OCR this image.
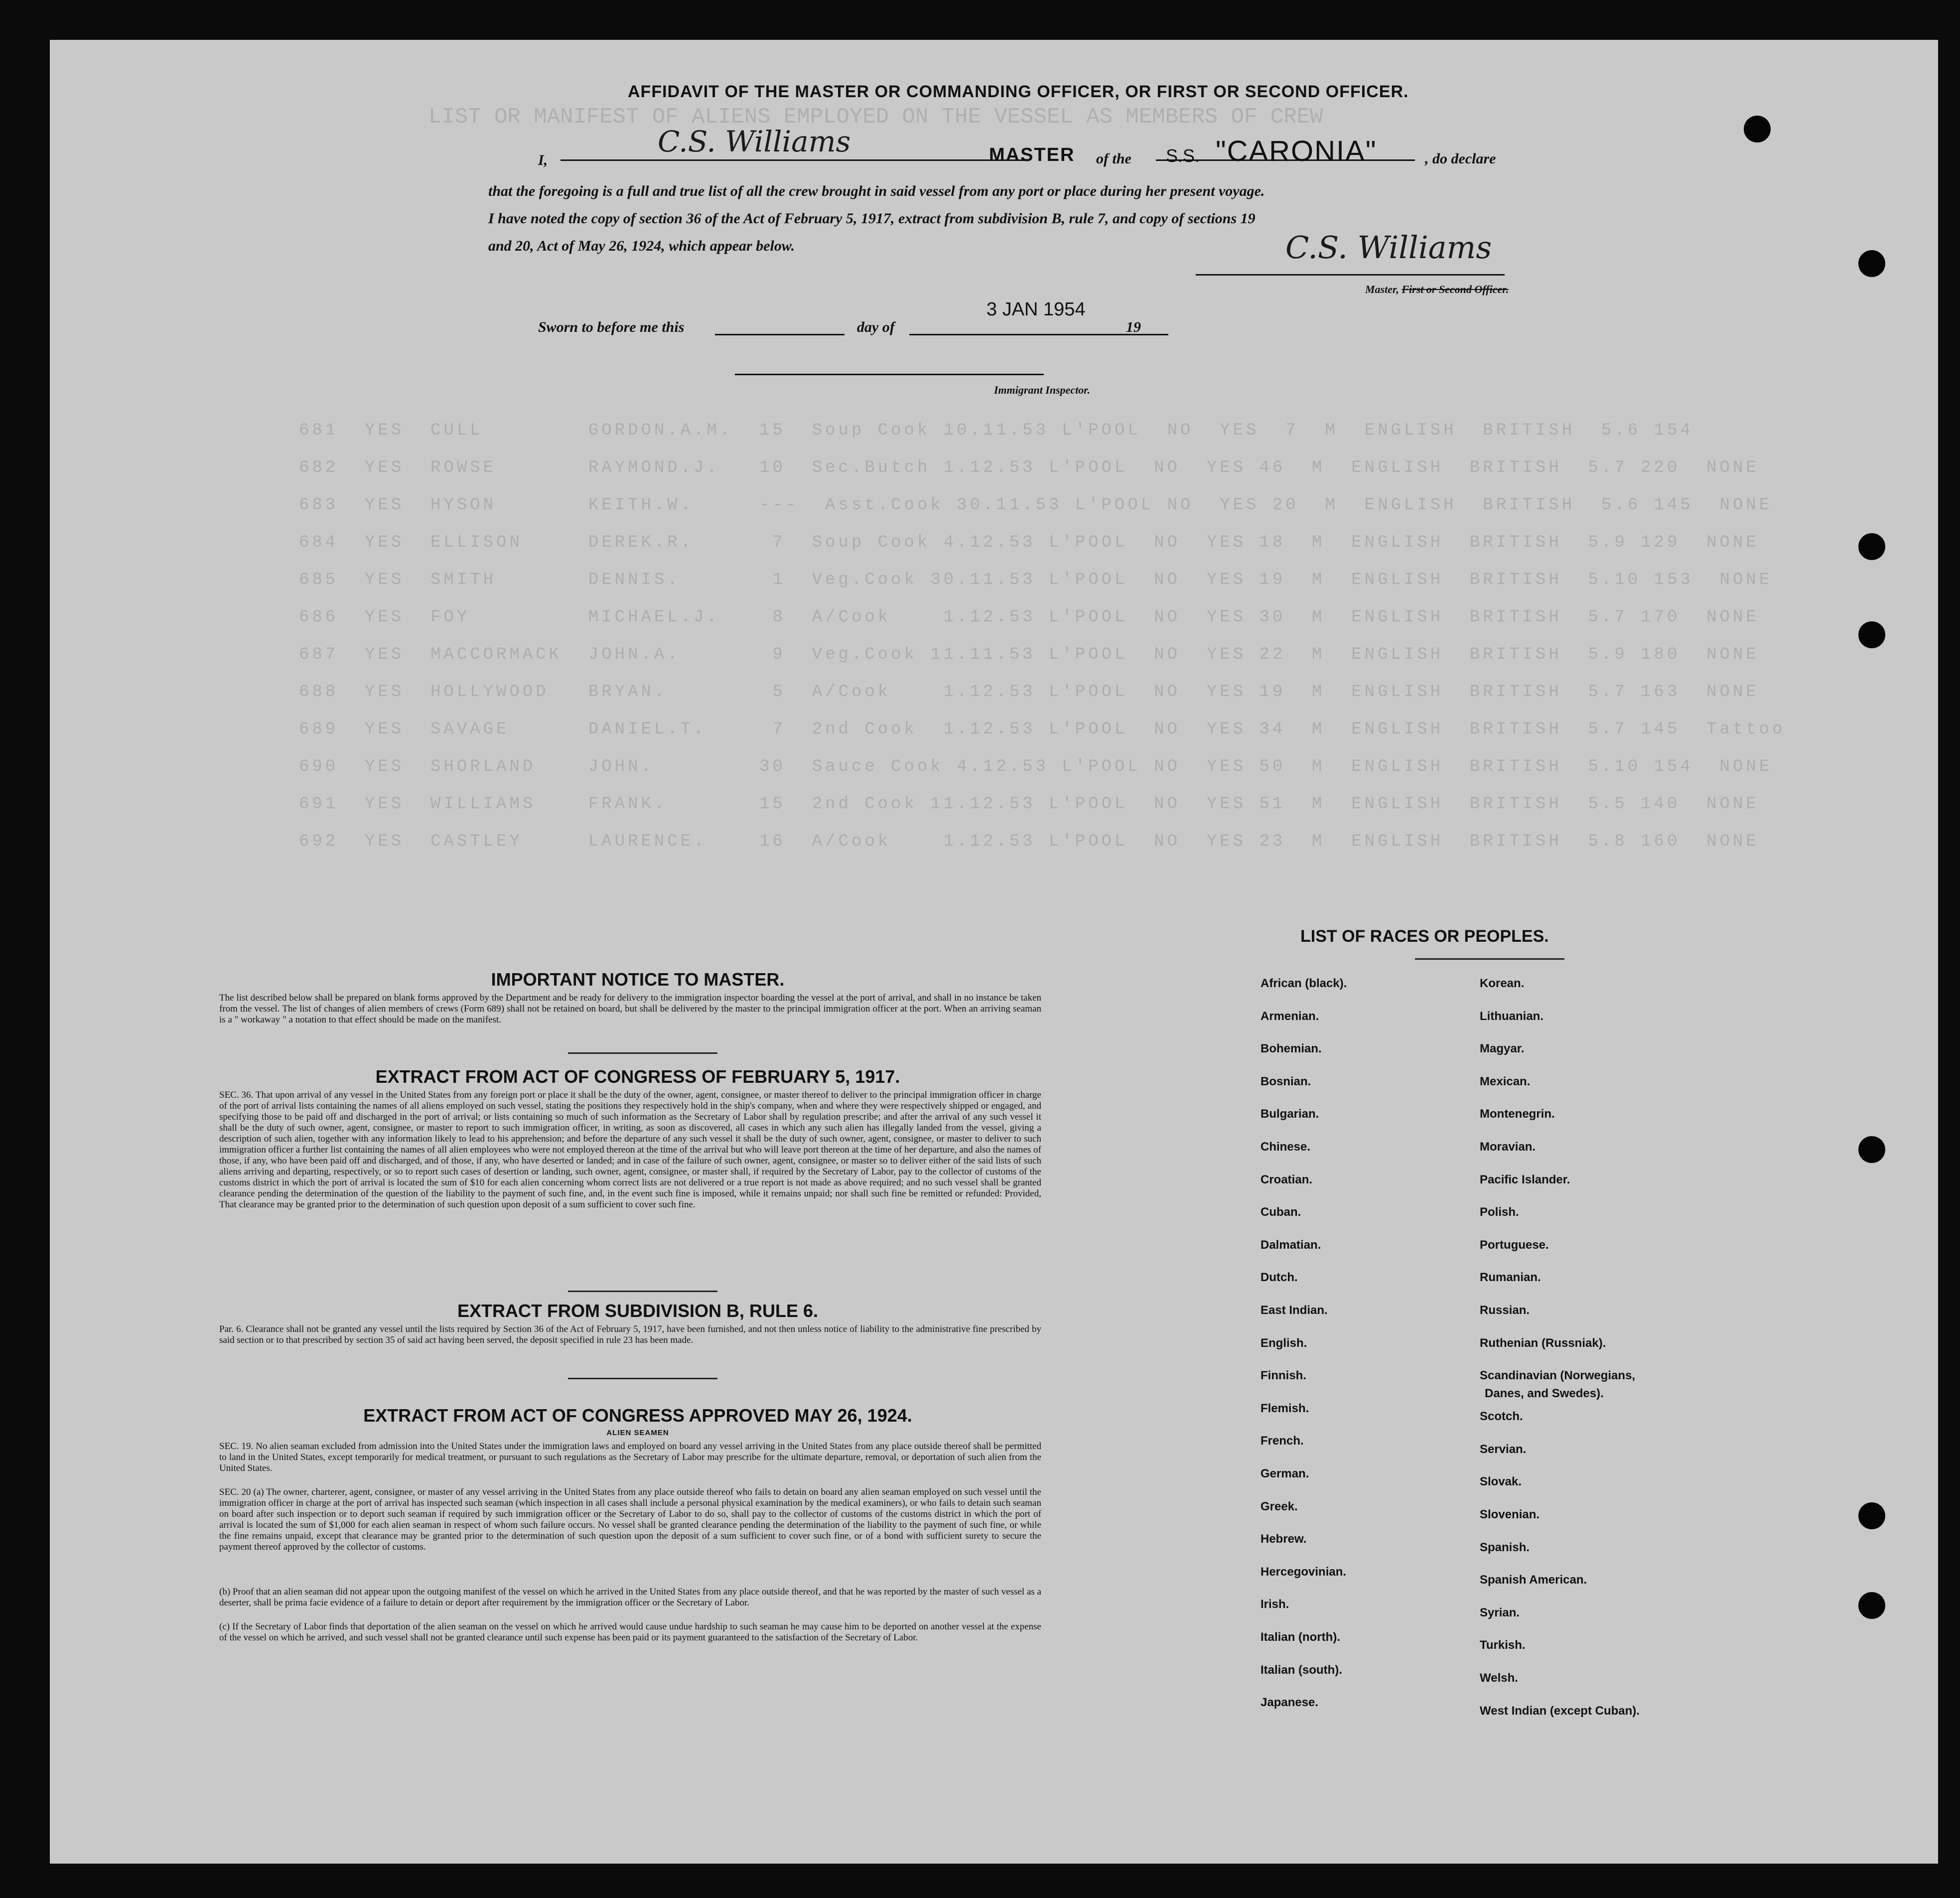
LIST OR MANIFEST OF ALIENS EMPLOYED ON THE VESSEL AS MEMBERS OF CREW
681  YES  CULL        GORDON.A.M.  15  Soup Cook 10.11.53 L'POOL  NO  YES  7  M  ENGLISH  BRITISH  5.6 154
682  YES  ROWSE       RAYMOND.J.   10  Sec.Butch 1.12.53 L'POOL  NO  YES 46  M  ENGLISH  BRITISH  5.7 220  NONE
683  YES  HYSON       KEITH.W.     ---  Asst.Cook 30.11.53 L'POOL NO  YES 20  M  ENGLISH  BRITISH  5.6 145  NONE
684  YES  ELLISON     DEREK.R.      7  Soup Cook 4.12.53 L'POOL  NO  YES 18  M  ENGLISH  BRITISH  5.9 129  NONE
685  YES  SMITH       DENNIS.       1  Veg.Cook 30.11.53 L'POOL  NO  YES 19  M  ENGLISH  BRITISH  5.10 153  NONE
686  YES  FOY         MICHAEL.J.    8  A/Cook    1.12.53 L'POOL  NO  YES 30  M  ENGLISH  BRITISH  5.7 170  NONE
687  YES  MACCORMACK  JOHN.A.       9  Veg.Cook 11.11.53 L'POOL  NO  YES 22  M  ENGLISH  BRITISH  5.9 180  NONE
688  YES  HOLLYWOOD   BRYAN.        5  A/Cook    1.12.53 L'POOL  NO  YES 19  M  ENGLISH  BRITISH  5.7 163  NONE
689  YES  SAVAGE      DANIEL.T.     7  2nd Cook  1.12.53 L'POOL  NO  YES 34  M  ENGLISH  BRITISH  5.7 145  Tattoo
690  YES  SHORLAND    JOHN.        30  Sauce Cook 4.12.53 L'POOL NO  YES 50  M  ENGLISH  BRITISH  5.10 154  NONE
691  YES  WILLIAMS    FRANK.       15  2nd Cook 11.12.53 L'POOL  NO  YES 51  M  ENGLISH  BRITISH  5.5 140  NONE
692  YES  CASTLEY     LAURENCE.    16  A/Cook    1.12.53 L'POOL  NO  YES 23  M  ENGLISH  BRITISH  5.8 160  NONE
AFFIDAVIT OF THE MASTER OR COMMANDING OFFICER, OR FIRST OR SECOND OFFICER.
I,
C.S. Williams	MASTER of the S.S. "CARONIA"	, do declare
that the foregoing is a full and true list of all the crew brought in said vessel from any port or place during her present voyage.
I have noted the copy of section 36 of the Act of February 5, 1917, extract from subdivision B, rule 7, and copy of sections 19
and 20, Act of May 26, 1924, which appear below.	C.S. Williams
Master, First or Second Officer.
Sworn to before me this	day of
3 JAN 1954
19
Immigrant Inspector.
IMPORTANT NOTICE TO MASTER.
The list described below shall be prepared on blank forms approved by the Department and be ready for delivery to the immigration inspector boarding the vessel at the port of arrival, and shall in no instance be taken from the vessel. The list of changes of alien members of crews (Form 689) shall not be retained on board, but shall be delivered by the master to the principal immigration officer at the port. When an arriving seaman is a " workaway " a notation to that effect should be made on the manifest.
EXTRACT FROM ACT OF CONGRESS OF FEBRUARY 5, 1917.
SEC. 36. That upon arrival of any vessel in the United States from any foreign port or place it shall be the duty of the owner, agent, consignee, or master thereof to deliver to the principal immigration officer in charge of the port of arrival lists containing the names of all aliens employed on such vessel, stating the positions they respectively hold in the ship's company, when and where they were respectively shipped or engaged, and specifying those to be paid off and discharged in the port of arrival; or lists containing so much of such information as the Secretary of Labor shall by regulation prescribe; and after the arrival of any such vessel it shall be the duty of such owner, agent, consignee, or master to report to such immigration officer, in writing, as soon as discovered, all cases in which any such alien has illegally landed from the vessel, giving a description of such alien, together with any information likely to lead to his apprehension; and before the departure of any such vessel it shall be the duty of such owner, agent, consignee, or master to deliver to such immigration officer a further list containing the names of all alien employees who were not employed thereon at the time of the arrival but who will leave port thereon at the time of her departure, and also the names of those, if any, who have been paid off and discharged, and of those, if any, who have deserted or landed; and in case of the failure of such owner, agent, consignee, or master so to deliver either of the said lists of such aliens arriving and departing, respectively, or so to report such cases of desertion or landing, such owner, agent, consignee, or master shall, if required by the Secretary of Labor, pay to the collector of customs of the customs district in which the port of arrival is located the sum of $10 for each alien concerning whom correct lists are not delivered or a true report is not made as above required; and no such vessel shall be granted clearance pending the determination of the question of the liability to the payment of such fine, and, in the event such fine is imposed, while it remains unpaid; nor shall such fine be remitted or refunded: Provided, That clearance may be granted prior to the determination of such question upon deposit of a sum sufficient to cover such fine.
EXTRACT FROM SUBDIVISION B, RULE 6.
Par. 6. Clearance shall not be granted any vessel until the lists required by Section 36 of the Act of February 5, 1917, have been furnished, and not then unless notice of liability to the administrative fine prescribed by said section or to that prescribed by section 35 of said act having been served, the deposit specified in rule 23 has been made.
EXTRACT FROM ACT OF CONGRESS APPROVED MAY 26, 1924.
ALIEN SEAMEN
SEC. 19. No alien seaman excluded from admission into the United States under the immigration laws and employed on board any vessel arriving in the United States from any place outside thereof shall be permitted to land in the United States, except temporarily for medical treatment, or pursuant to such regulations as the Secretary of Labor may prescribe for the ultimate departure, removal, or deportation of such alien from the United States.
SEC. 20 (a) The owner, charterer, agent, consignee, or master of any vessel arriving in the United States from any place outside thereof who fails to detain on board any alien seaman employed on such vessel until the immigration officer in charge at the port of arrival has inspected such seaman (which inspection in all cases shall include a personal physical examination by the medical examiners), or who fails to detain such seaman on board after such inspection or to deport such seaman if required by such immigration officer or the Secretary of Labor to do so, shall pay to the collector of customs of the customs district in which the port of arrival is located the sum of $1,000 for each alien seaman in respect of whom such failure occurs. No vessel shall be granted clearance pending the determination of the liability to the payment of such fine, or while the fine remains unpaid, except that clearance may be granted prior to the determination of such question upon the deposit of a sum sufficient to cover such fine, or of a bond with sufficient surety to secure the payment thereof approved by the collector of customs.
(b) Proof that an alien seaman did not appear upon the outgoing manifest of the vessel on which he arrived in the United States from any place outside thereof, and that he was reported by the master of such vessel as a deserter, shall be prima facie evidence of a failure to detain or deport after requirement by the immigration officer or the Secretary of Labor.
(c) If the Secretary of Labor finds that deportation of the alien seaman on the vessel on which he arrived would cause undue hardship to such seaman he may cause him to be deported on another vessel at the expense of the vessel on which he arrived, and such vessel shall not be granted clearance until such expense has been paid or its payment guaranteed to the satisfaction of the Secretary of Labor.
LIST OF RACES OR PEOPLES.
African (black).
Armenian.
Bohemian.
Bosnian.
Bulgarian.
Chinese.
Croatian.
Cuban.
Dalmatian.
Dutch.
East Indian.
English.
Finnish.
Flemish.
French.
German.
Greek.
Hebrew.
Hercegovinian.
Irish.
Italian (north).
Italian (south).
Japanese.
Korean.
Lithuanian.
Magyar.
Mexican.
Montenegrin.
Moravian.
Pacific Islander.
Polish.
Portuguese.
Rumanian.
Russian.
Ruthenian (Russniak).
Scandinavian (Norwegians,
Danes, and Swedes).
Scotch.
Servian.
Slovak.
Slovenian.
Spanish.
Spanish American.
Syrian.
Turkish.
Welsh.
West Indian (except Cuban).
